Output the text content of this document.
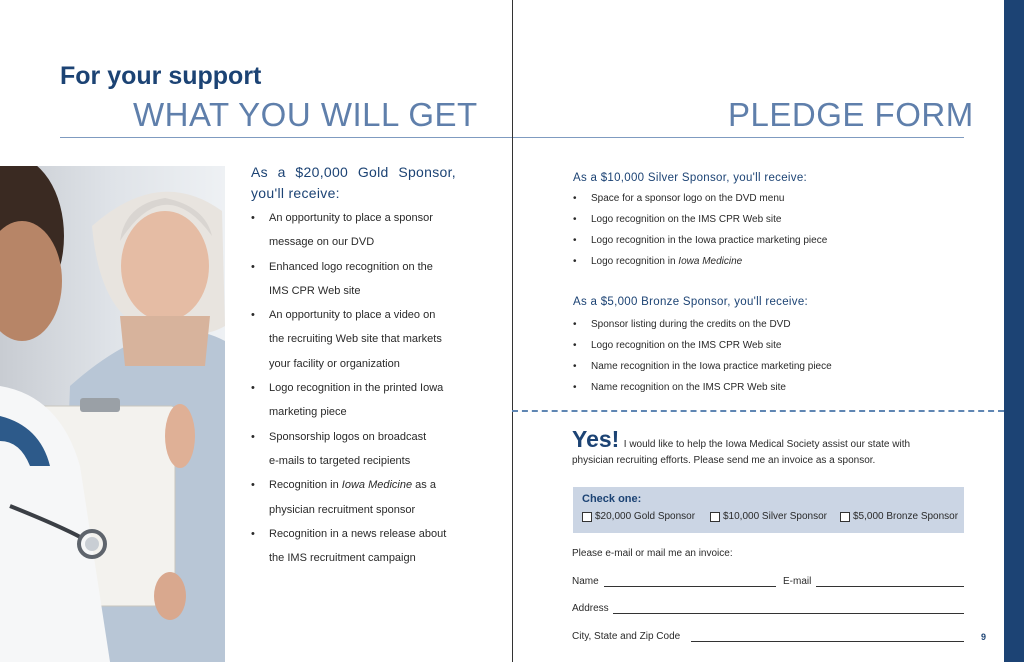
For your support
WHAT YOU WILL GET
As a $20,000 Gold Sponsor,
you'll receive:
• An opportunity to place a sponsor
message on our DVD
• Enhanced logo recognition on the
IMS CPR Web site
• An opportunity to place a video on
the recruiting Web site that markets
your facility or organization
• Logo recognition in the printed Iowa
marketing piece
• Sponsorship logos on broadcast
e-mails to targeted recipients
• Recognition in Iowa Medicine as a
physician recruitment sponsor
• Recognition in a news release about
the IMS recruitment campaign
PLEDGE FORM
As a $10,000 Silver Sponsor, you'll receive:
• Space for a sponsor logo on the DVD menu
• Logo recognition on the IMS CPR Web site
• Logo recognition in the Iowa practice marketing piece
• Logo recognition in Iowa Medicine
As a $5,000 Bronze Sponsor, you'll receive:
• Sponsor listing during the credits on the DVD
• Logo recognition on the IMS CPR Web site
• Name recognition in the Iowa practice marketing piece
• Name recognition on the IMS CPR Web site
Yes! I would like to help the Iowa Medical Society assist our state with
physician recruiting efforts. Please send me an invoice as a sponsor.
Check one:
$20,000 Gold Sponsor	$10,000 Silver Sponsor	$5,000 Bronze Sponsor
Please e-mail or mail me an invoice:
Name	E-mail
Address
City, State and Zip Code	9
